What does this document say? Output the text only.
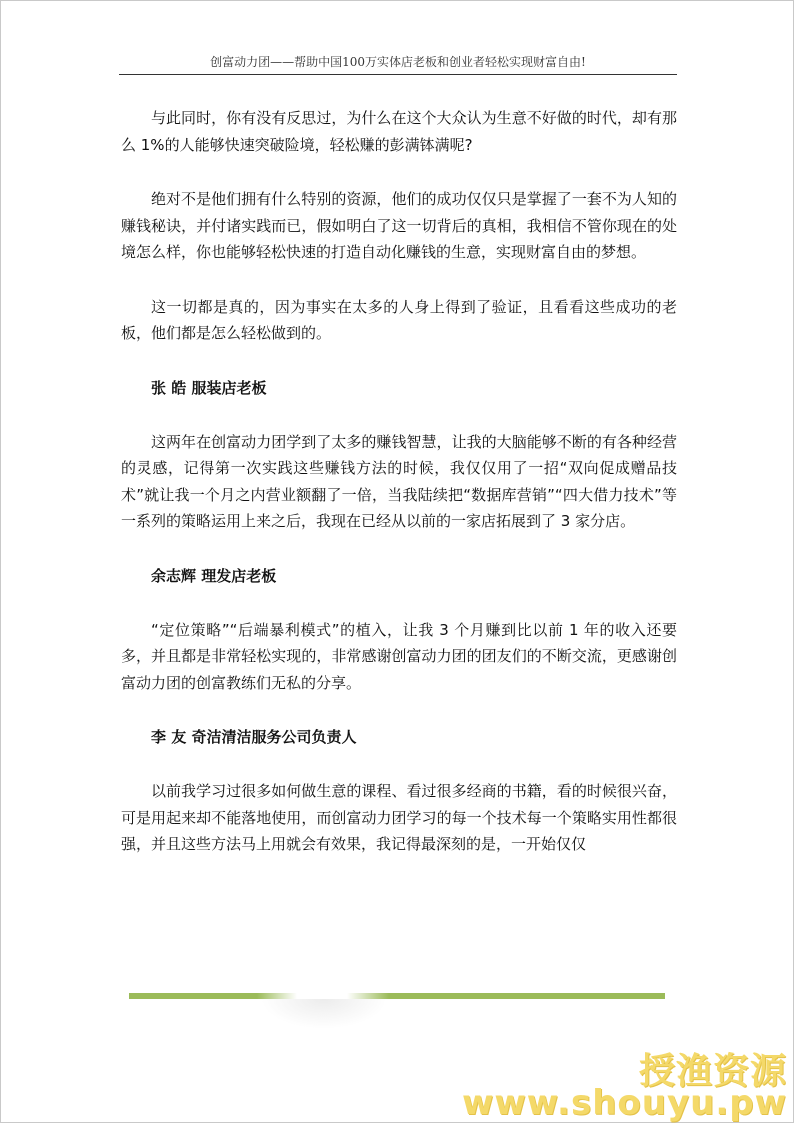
创富动力团——帮助中国100万实体店老板和创业者轻松实现财富自由!

与此同时，你有没有反思过，为什么在这个大众认为生意不好做的时代，却有那么 1%的人能够快速突破险境，轻松赚的彭满钵满呢?

绝对不是他们拥有什么特别的资源，他们的成功仅仅只是掌握了一套不为人知的赚钱秘诀，并付诸实践而已，假如明白了这一切背后的真相，我相信不管你现在的处境怎么样，你也能够轻松快速的打造自动化赚钱的生意，实现财富自由的梦想。

这一切都是真的，因为事实在太多的人身上得到了验证，且看看这些成功的老板，他们都是怎么轻松做到的。

张 皓 服装店老板

这两年在创富动力团学到了太多的赚钱智慧，让我的大脑能够不断的有各种经营的灵感，记得第一次实践这些赚钱方法的时候，我仅仅用了一招“双向促成赠品技术”就让我一个月之内营业额翻了一倍，当我陆续把“数据库营销”“四大借力技术”等一系列的策略运用上来之后，我现在已经从以前的一家店拓展到了 3 家分店。

余志辉 理发店老板

“定位策略”“后端暴利模式”的植入，让我 3 个月赚到比以前 1 年的收入还要多，并且都是非常轻松实现的，非常感谢创富动力团的团友们的不断交流，更感谢创富动力团的创富教练们无私的分享。

李 友 奇洁清洁服务公司负责人

以前我学习过很多如何做生意的课程、看过很多经商的书籍，看的时候很兴奋，可是用起来却不能落地使用，而创富动力团学习的每一个技术每一个策略实用性都很强，并且这些方法马上用就会有效果，我记得最深刻的是，一开始仅仅

授渔资源
www.shouyu.pw
